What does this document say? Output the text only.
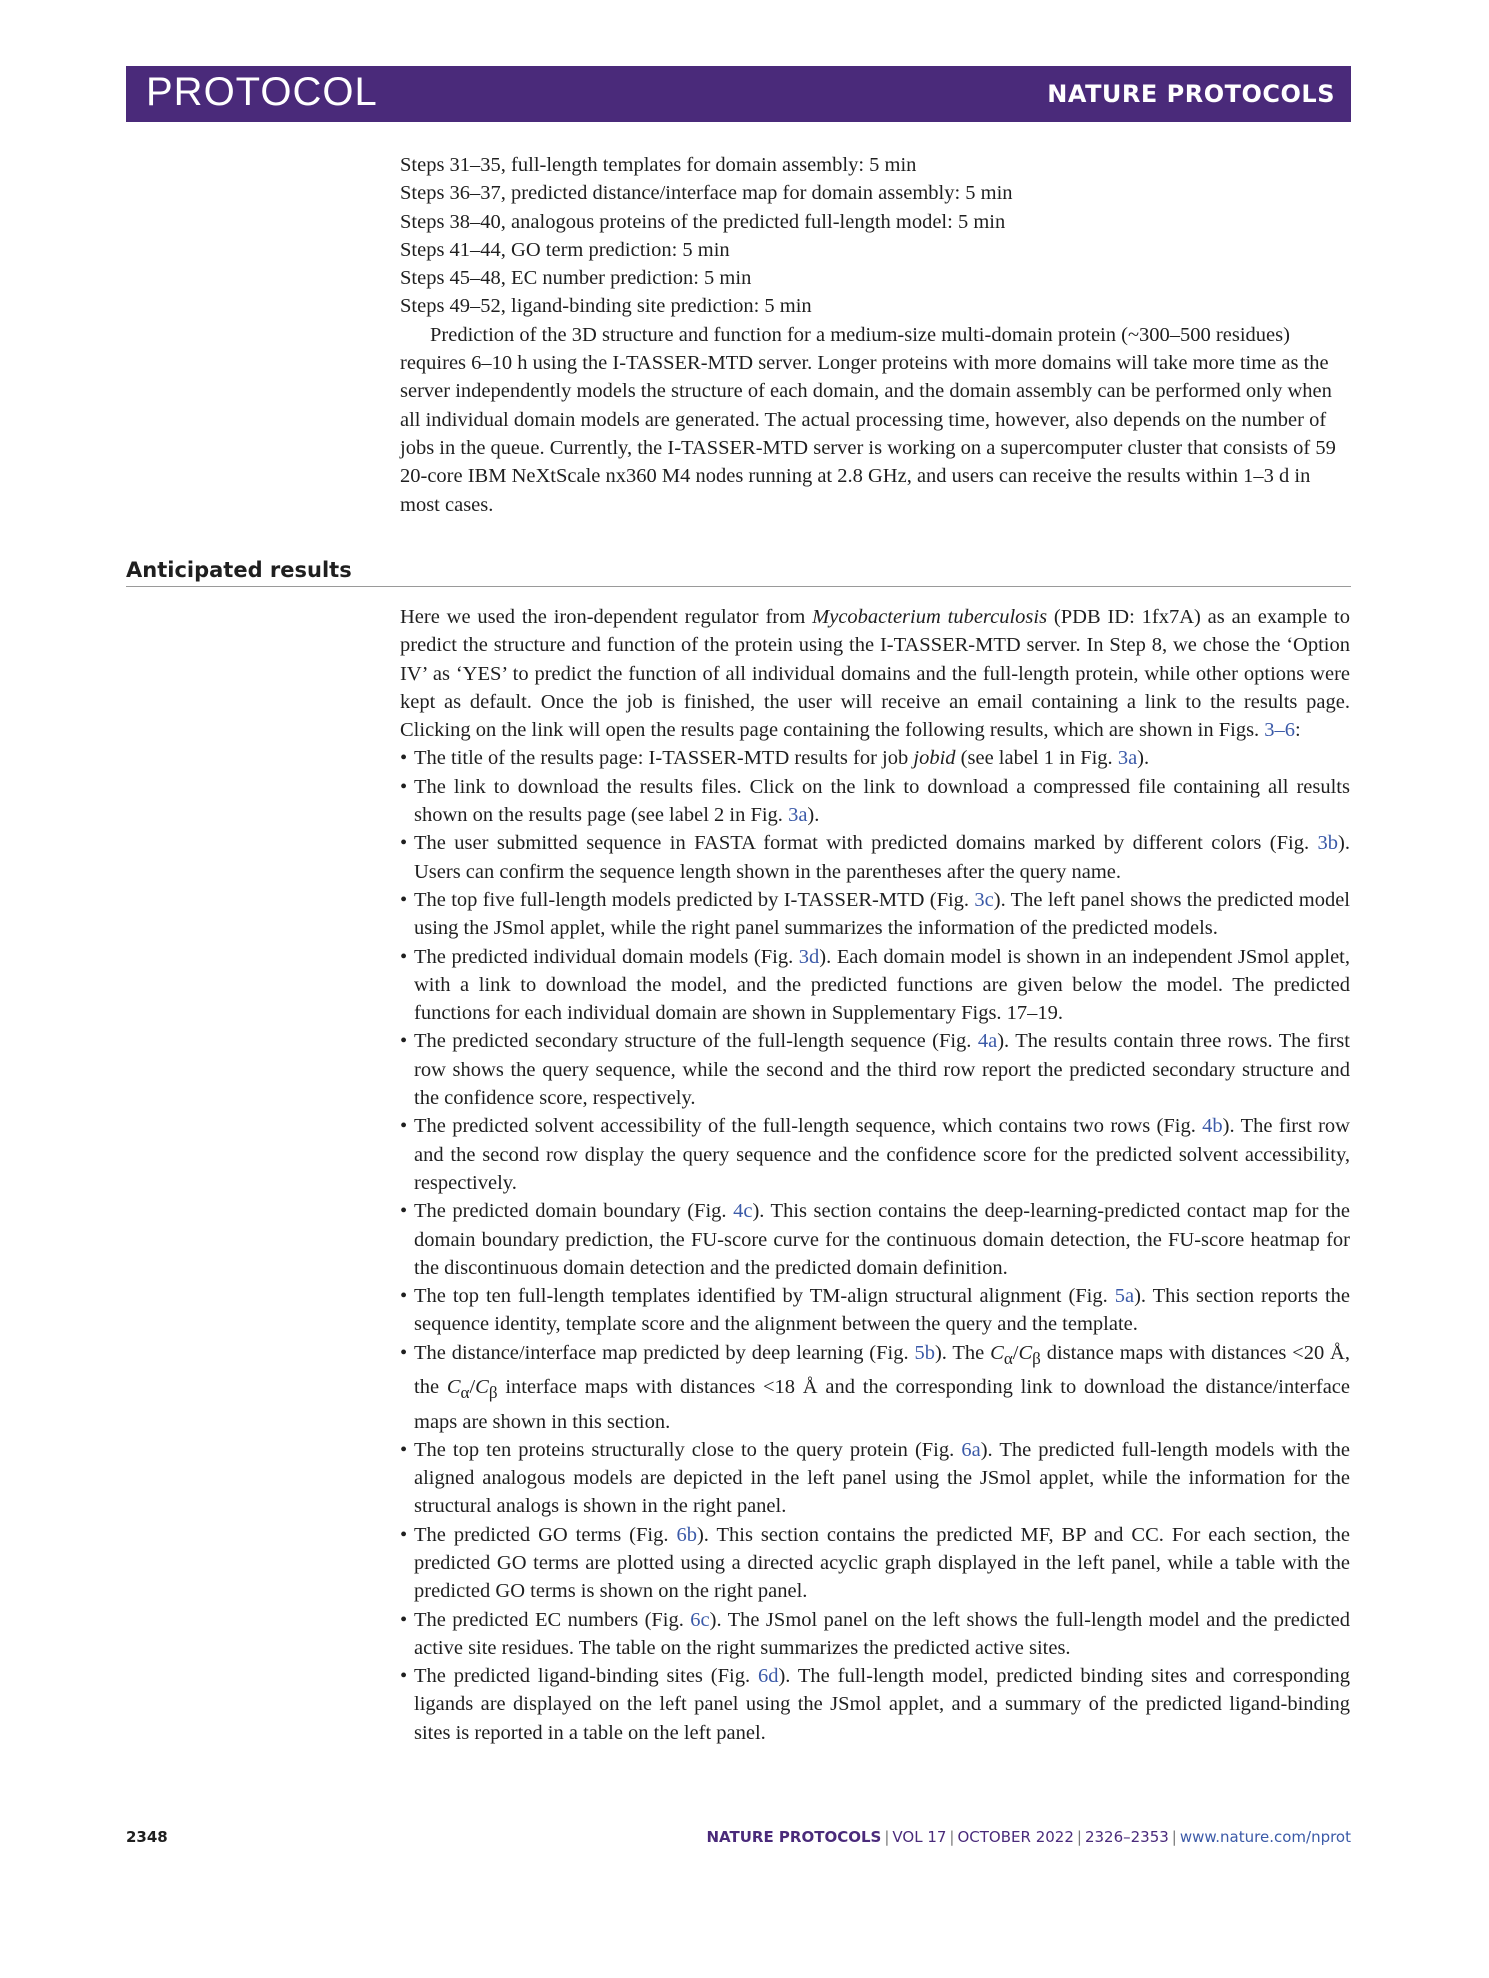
PROTOCOL	NATURE PROTOCOLS
Steps 31–35, full-length templates for domain assembly: 5 min
Steps 36–37, predicted distance/interface map for domain assembly: 5 min
Steps 38–40, analogous proteins of the predicted full-length model: 5 min
Steps 41–44, GO term prediction: 5 min
Steps 45–48, EC number prediction: 5 min
Steps 49–52, ligand-binding site prediction: 5 min
Prediction of the 3D structure and function for a medium-size multi-domain protein (~300–500 residues) requires 6–10 h using the I-TASSER-MTD server. Longer proteins with more domains will take more time as the server independently models the structure of each domain, and the domain assembly can be performed only when all individual domain models are generated. The actual processing time, however, also depends on the number of jobs in the queue. Currently, the I-TASSER-MTD server is working on a supercomputer cluster that consists of 59 20-core IBM NeXtScale nx360 M4 nodes running at 2.8 GHz, and users can receive the results within 1–3 d in most cases.
Anticipated results
Here we used the iron-dependent regulator from Mycobacterium tuberculosis (PDB ID: 1fx7A) as an example to predict the structure and function of the protein using the I-TASSER-MTD server. In Step 8, we chose the ‘Option IV’ as ‘YES’ to predict the function of all individual domains and the full-length protein, while other options were kept as default. Once the job is finished, the user will receive an email containing a link to the results page. Clicking on the link will open the results page containing the following results, which are shown in Figs. 3–6:
• The title of the results page: I-TASSER-MTD results for job jobid (see label 1 in Fig. 3a).
• The link to download the results files. Click on the link to download a compressed file containing all results shown on the results page (see label 2 in Fig. 3a).
• The user submitted sequence in FASTA format with predicted domains marked by different colors (Fig. 3b). Users can confirm the sequence length shown in the parentheses after the query name.
• The top five full-length models predicted by I-TASSER-MTD (Fig. 3c). The left panel shows the predicted model using the JSmol applet, while the right panel summarizes the information of the predicted models.
• The predicted individual domain models (Fig. 3d). Each domain model is shown in an independent JSmol applet, with a link to download the model, and the predicted functions are given below the model. The predicted functions for each individual domain are shown in Supplementary Figs. 17–19.
• The predicted secondary structure of the full-length sequence (Fig. 4a). The results contain three rows. The first row shows the query sequence, while the second and the third row report the predicted secondary structure and the confidence score, respectively.
• The predicted solvent accessibility of the full-length sequence, which contains two rows (Fig. 4b). The first row and the second row display the query sequence and the confidence score for the predicted solvent accessibility, respectively.
• The predicted domain boundary (Fig. 4c). This section contains the deep-learning-predicted contact map for the domain boundary prediction, the FU-score curve for the continuous domain detection, the FU-score heatmap for the discontinuous domain detection and the predicted domain definition.
• The top ten full-length templates identified by TM-align structural alignment (Fig. 5a). This section reports the sequence identity, template score and the alignment between the query and the template.
• The distance/interface map predicted by deep learning (Fig. 5b). The $C_\alpha/C_\beta$ distance maps with distances <20 Å, the $C_\alpha/C_\beta$ interface maps with distances <18 Å and the corresponding link to download the distance/interface maps are shown in this section.
• The top ten proteins structurally close to the query protein (Fig. 6a). The predicted full-length models with the aligned analogous models are depicted in the left panel using the JSmol applet, while the information for the structural analogs is shown in the right panel.
• The predicted GO terms (Fig. 6b). This section contains the predicted MF, BP and CC. For each section, the predicted GO terms are plotted using a directed acyclic graph displayed in the left panel, while a table with the predicted GO terms is shown on the right panel.
• The predicted EC numbers (Fig. 6c). The JSmol panel on the left shows the full-length model and the predicted active site residues. The table on the right summarizes the predicted active sites.
• The predicted ligand-binding sites (Fig. 6d). The full-length model, predicted binding sites and corresponding ligands are displayed on the left panel using the JSmol applet, and a summary of the predicted ligand-binding sites is reported in a table on the left panel.
2348	NATURE PROTOCOLS | VOL 17 | OCTOBER 2022 | 2326–2353 | www.nature.com/nprot
